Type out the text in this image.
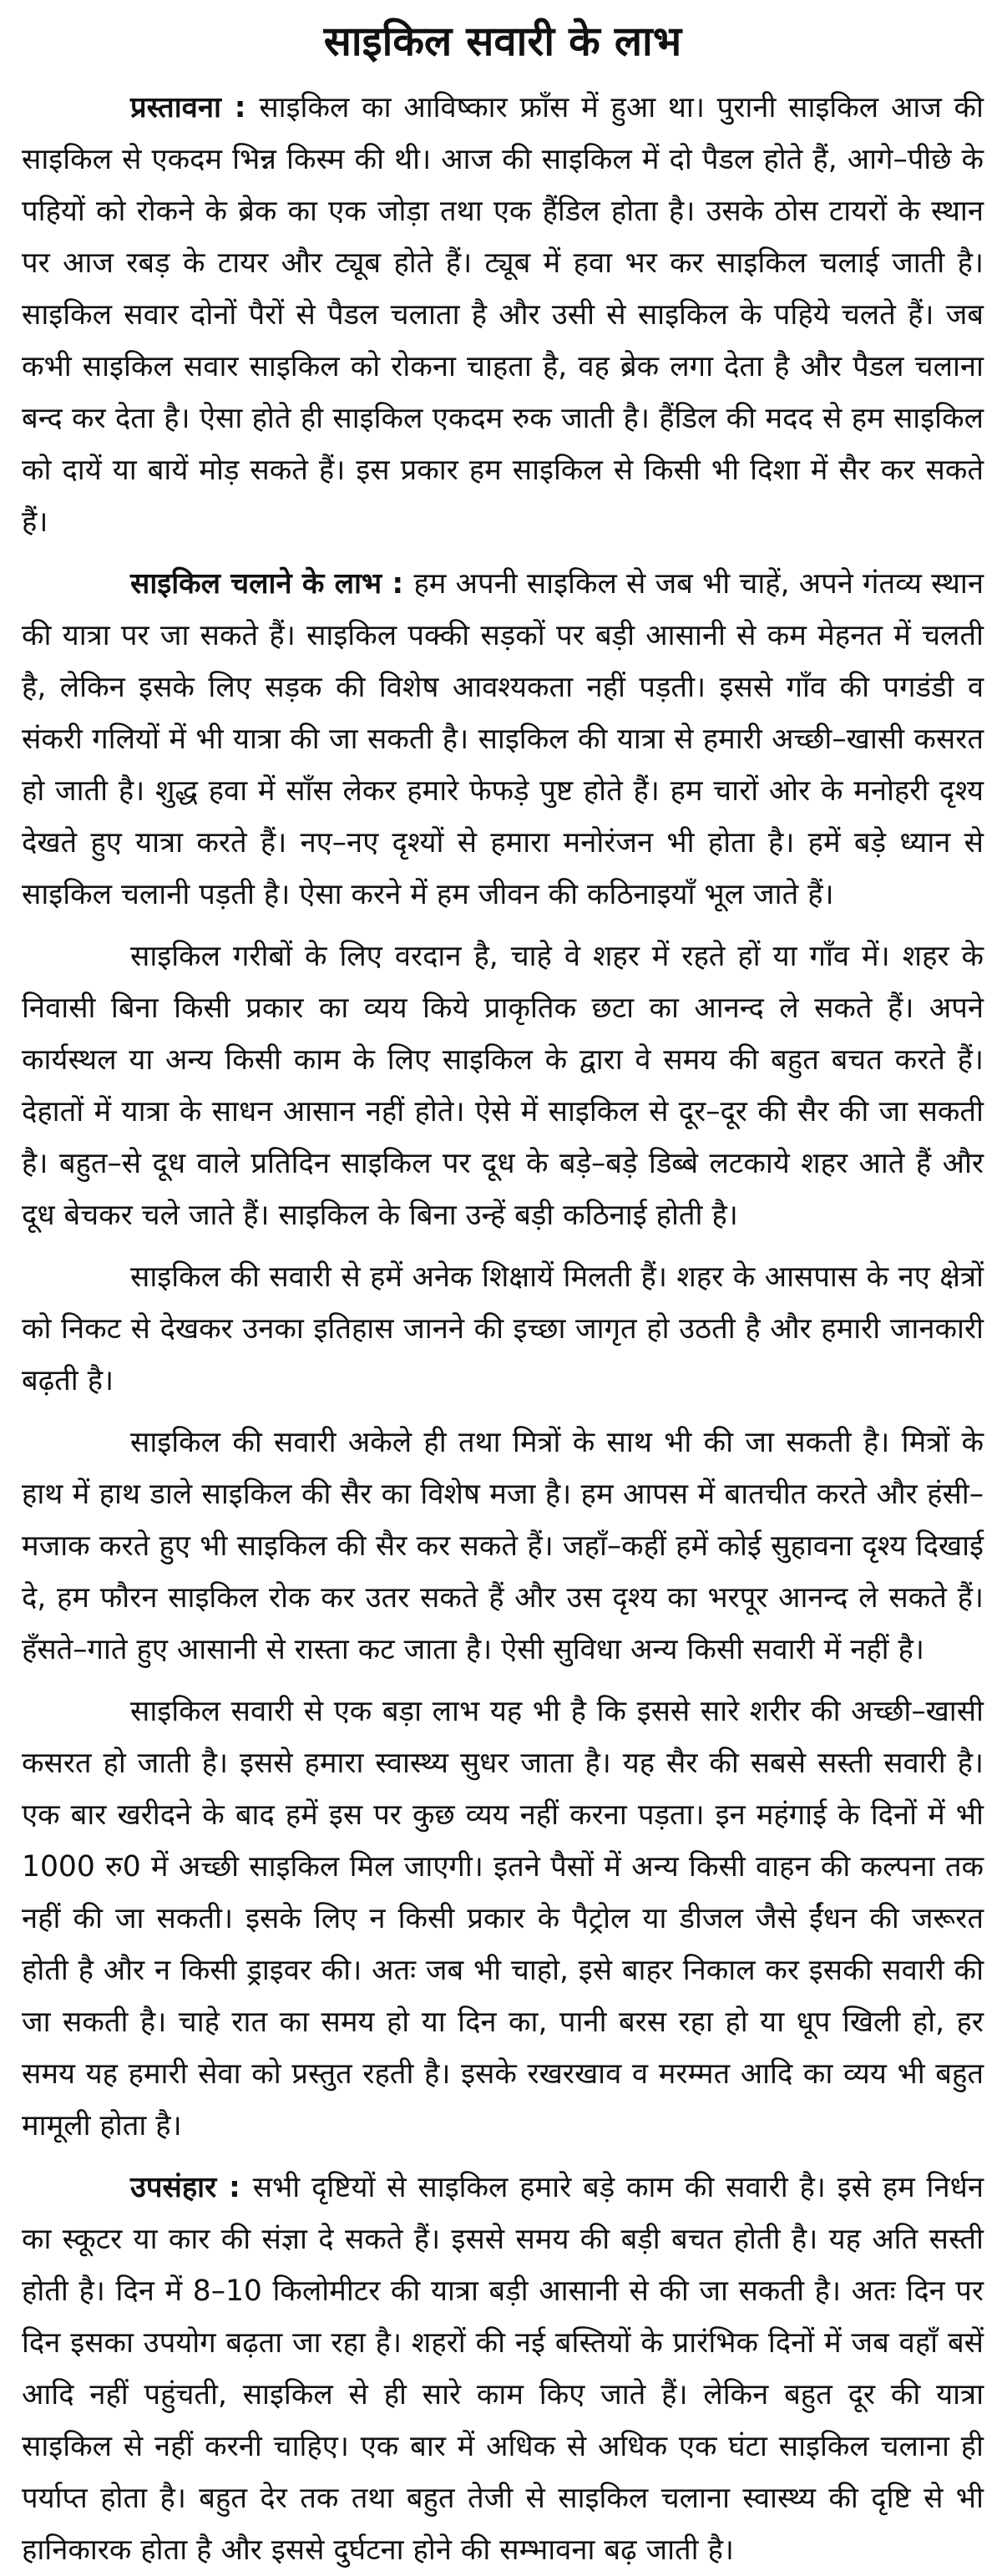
साइकिल सवारी के लाभ

प्रस्तावना : साइकिल का आविष्कार फ्राँस में हुआ था। पुरानी साइकिल आज की साइकिल से एकदम भिन्न किस्म की थी। आज की साइकिल में दो पैडल होते हैं, आगे–पीछे के पहियों को रोकने के ब्रेक का एक जोड़ा तथा एक हैंडिल होता है। उसके ठोस टायरों के स्थान पर आज रबड़ के टायर और ट्यूब होते हैं। ट्यूब में हवा भर कर साइकिल चलाई जाती है। साइकिल सवार दोनों पैरों से पैडल चलाता है और उसी से साइकिल के पहिये चलते हैं। जब कभी साइकिल सवार साइकिल को रोकना चाहता है, वह ब्रेक लगा देता है और पैडल चलाना बन्द कर देता है। ऐसा होते ही साइकिल एकदम रुक जाती है। हैंडिल की मदद से हम साइकिल को दायें या बायें मोड़ सकते हैं। इस प्रकार हम साइकिल से किसी भी दिशा में सैर कर सकते हैं।

साइकिल चलाने के लाभ : हम अपनी साइकिल से जब भी चाहें, अपने गंतव्य स्थान की यात्रा पर जा सकते हैं। साइकिल पक्की सड़कों पर बड़ी आसानी से कम मेहनत में चलती है, लेकिन इसके लिए सड़क की विशेष आवश्यकता नहीं पड़ती। इससे गाँव की पगडंडी व संकरी गलियों में भी यात्रा की जा सकती है। साइकिल की यात्रा से हमारी अच्छी–खासी कसरत हो जाती है। शुद्ध हवा में साँस लेकर हमारे फेफड़े पुष्ट होते हैं। हम चारों ओर के मनोहरी दृश्य देखते हुए यात्रा करते हैं। नए–नए दृश्यों से हमारा मनोरंजन भी होता है। हमें बड़े ध्यान से साइकिल चलानी पड़ती है। ऐसा करने में हम जीवन की कठिनाइयाँ भूल जाते हैं।

साइकिल गरीबों के लिए वरदान है, चाहे वे शहर में रहते हों या गाँव में। शहर के निवासी बिना किसी प्रकार का व्यय किये प्राकृतिक छटा का आनन्द ले सकते हैं। अपने कार्यस्थल या अन्य किसी काम के लिए साइकिल के द्वारा वे समय की बहुत बचत करते हैं। देहातों में यात्रा के साधन आसान नहीं होते। ऐसे में साइकिल से दूर–दूर की सैर की जा सकती है। बहुत–से दूध वाले प्रतिदिन साइकिल पर दूध के बड़े–बड़े डिब्बे लटकाये शहर आते हैं और दूध बेचकर चले जाते हैं। साइकिल के बिना उन्हें बड़ी कठिनाई होती है।

साइकिल की सवारी से हमें अनेक शिक्षायें मिलती हैं। शहर के आसपास के नए क्षेत्रों को निकट से देखकर उनका इतिहास जानने की इच्छा जागृत हो उठती है और हमारी जानकारी बढ़ती है।

साइकिल की सवारी अकेले ही तथा मित्रों के साथ भी की जा सकती है। मित्रों के हाथ में हाथ डाले साइकिल की सैर का विशेष मजा है। हम आपस में बातचीत करते और हंसी–मजाक करते हुए भी साइकिल की सैर कर सकते हैं। जहाँ–कहीं हमें कोई सुहावना दृश्य दिखाई दे, हम फौरन साइकिल रोक कर उतर सकते हैं और उस दृश्य का भरपूर आनन्द ले सकते हैं। हँसते–गाते हुए आसानी से रास्ता कट जाता है। ऐसी सुविधा अन्य किसी सवारी में नहीं है।

साइकिल सवारी से एक बड़ा लाभ यह भी है कि इससे सारे शरीर की अच्छी–खासी कसरत हो जाती है। इससे हमारा स्वास्थ्य सुधर जाता है। यह सैर की सबसे सस्ती सवारी है। एक बार खरीदने के बाद हमें इस पर कुछ व्यय नहीं करना पड़ता। इन महंगाई के दिनों में भी 1000 रु0 में अच्छी साइकिल मिल जाएगी। इतने पैसों में अन्य किसी वाहन की कल्पना तक नहीं की जा सकती। इसके लिए न किसी प्रकार के पैट्रोल या डीजल जैसे ईंधन की जरूरत होती है और न किसी ड्राइवर की। अतः जब भी चाहो, इसे बाहर निकाल कर इसकी सवारी की जा सकती है। चाहे रात का समय हो या दिन का, पानी बरस रहा हो या धूप खिली हो, हर समय यह हमारी सेवा को प्रस्तुत रहती है। इसके रखरखाव व मरम्मत आदि का व्यय भी बहुत मामूली होता है।

उपसंहार : सभी दृष्टियों से साइकिल हमारे बड़े काम की सवारी है। इसे हम निर्धन का स्कूटर या कार की संज्ञा दे सकते हैं। इससे समय की बड़ी बचत होती है। यह अति सस्ती होती है। दिन में 8–10 किलोमीटर की यात्रा बड़ी आसानी से की जा सकती है। अतः दिन पर दिन इसका उपयोग बढ़ता जा रहा है। शहरों की नई बस्तियों के प्रारंभिक दिनों में जब वहाँ बसें आदि नहीं पहुंचती, साइकिल से ही सारे काम किए जाते हैं। लेकिन बहुत दूर की यात्रा साइकिल से नहीं करनी चाहिए। एक बार में अधिक से अधिक एक घंटा साइकिल चलाना ही पर्याप्त होता है। बहुत देर तक तथा बहुत तेजी से साइकिल चलाना स्वास्थ्य की दृष्टि से भी हानिकारक होता है और इससे दुर्घटना होने की सम्भावना बढ़ जाती है।
